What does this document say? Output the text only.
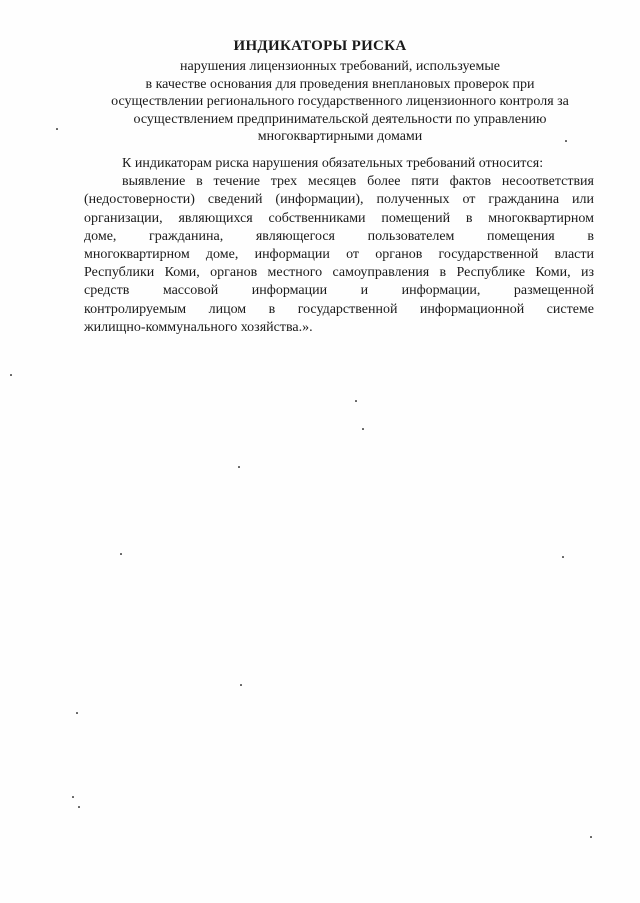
ИНДИКАТОРЫ РИСКА
нарушения лицензионных требований, используемые
в качестве основания для проведения внеплановых проверок при
осуществлении регионального государственного лицензионного контроля за
осуществлением предпринимательской деятельности по управлению
многоквартирными домами
К индикаторам риска нарушения обязательных требований относится:
выявление в течение трех месяцев более пяти фактов несоответствия
(недостоверности) сведений (информации), полученных от гражданина или
организации, являющихся собственниками помещений в многоквартирном
доме, гражданина, являющегося пользователем помещения в
многоквартирном доме, информации от органов государственной власти
Республики Коми, органов местного самоуправления в Республике Коми, из
средств массовой информации и информации, размещенной
контролируемым лицом в государственной информационной системе
жилищно-коммунального хозяйства.».
